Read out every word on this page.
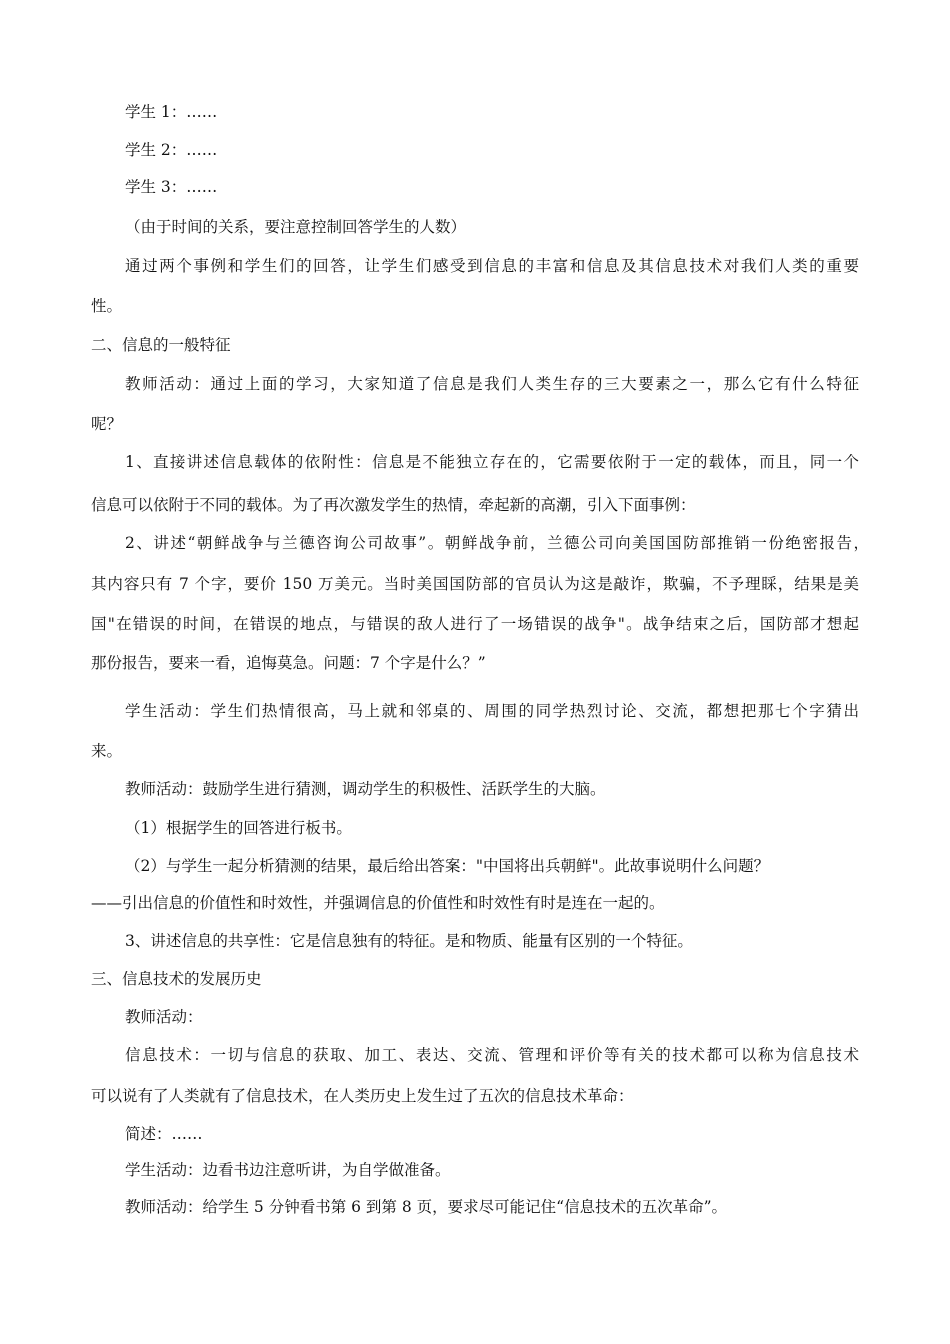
学生 1：……
学生 2：……
学生 3：……
（由于时间的关系，要注意控制回答学生的人数）
通过两个事例和学生们的回答，让学生们感受到信息的丰富和信息及其信息技术对我们人类的重要
性。
二、信息的一般特征
教师活动：通过上面的学习，大家知道了信息是我们人类生存的三大要素之一，那么它有什么特征
呢？
1、直接讲述信息载体的依附性：信息是不能独立存在的，它需要依附于一定的载体，而且，同一个
信息可以依附于不同的载体。为了再次激发学生的热情，牵起新的高潮，引入下面事例：
2、讲述“朝鲜战争与兰德咨询公司故事”。朝鲜战争前，兰德公司向美国国防部推销一份绝密报告，
其内容只有 7 个字，要价 150 万美元。当时美国国防部的官员认为这是敲诈，欺骗，不予理睬，结果是美
国"在错误的时间，在错误的地点，与错误的敌人进行了一场错误的战争"。战争结束之后，国防部才想起
那份报告，要来一看，追悔莫急。问题：7 个字是什么？”
学生活动：学生们热情很高，马上就和邻桌的、周围的同学热烈讨论、交流，都想把那七个字猜出
来。
教师活动：鼓励学生进行猜测，调动学生的积极性、活跃学生的大脑。
（1）根据学生的回答进行板书。
（2）与学生一起分析猜测的结果，最后给出答案："中国将出兵朝鲜"。此故事说明什么问题？
——引出信息的价值性和时效性，并强调信息的价值性和时效性有时是连在一起的。
3、讲述信息的共享性：它是信息独有的特征。是和物质、能量有区别的一个特征。
三、信息技术的发展历史
教师活动：
信息技术：一切与信息的获取、加工、表达、交流、管理和评价等有关的技术都可以称为信息技术
可以说有了人类就有了信息技术，在人类历史上发生过了五次的信息技术革命：
简述：……
学生活动：边看书边注意听讲，为自学做准备。
教师活动：给学生 5 分钟看书第 6 到第 8 页，要求尽可能记住“信息技术的五次革命”。
